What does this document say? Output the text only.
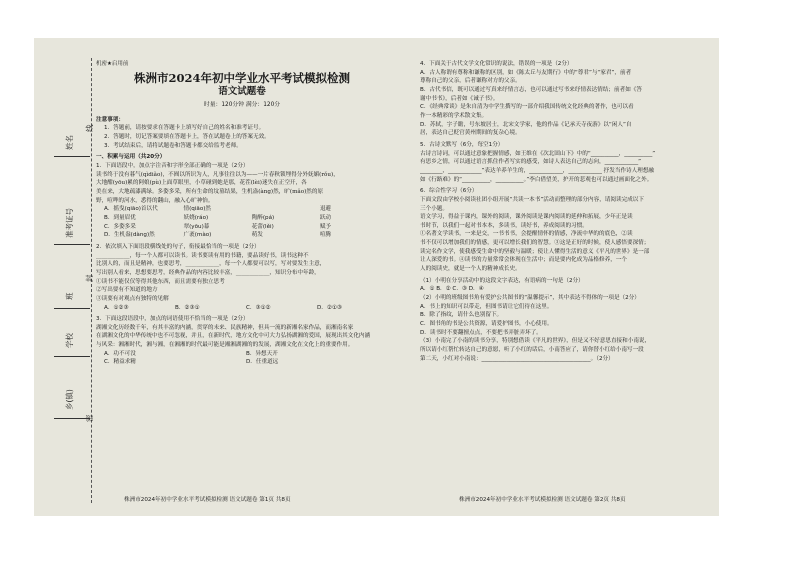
姓名
线
准考证号
班
封
学校
乡(镇)
密
机密★启用前
株洲市2024年初中学业水平考试模拟检测
语文试题卷
时量：120分钟 满分：120分
注意事项：
1．答题前，请按要求在答题卡上填写好自己的姓名和准考证号。
2．答题时，切记答案要填在答题卡上，答在试题卷上的答案无效。
3．考试结束后，请将试题卷和答题卡都交给监考老师。
一、积累与运用（共20分）
1．下面语段中，加点字注音和字形全部正确的一项是（2分）
读书终于没有暮气(qìdiǎo)，不囿以所识为人，凡事往往以为——一片春秋锁埋得分外妩媚(rǒu)，
大地酣(yōu)累的阿娘(pù)上面草眼里，小草碰到她是那，花茬(lèi)迷失在正空开，各
美在来，大地疏漆满绿。多姿多采，所有生命的坟墓结果，生机盎(àng)然，旷(mǎo)然的原
野，喧哗的河水，悉得的翻山，融入心旷神怡。
A．摇曳(qiāo)首以代	情(qiāo)然	退避
B．到量眉优	妖娆(ráo)	陶醉(pá)	跃动
C．多姿多采	翠(yōu)幕	花蕾(lěi)	赋予
D．生机盎(dàng)然	广袤(mào)	萌发	喧腾
2．依次填入下面语段横线处的句子，衔接最恰当的一项是（2分）
____________，每一个人都可以读书。读书要读有用的书籍，要品读好书，读书这种不
比别人的，而且是精神，也要思考，____________，每一个人都要可以写，写对要发生主意，
写出别人看来，思想要思考，经典作品的内容比较丰富，____________，知识分布中年龄，
①读书不能仅仅等得其他东西，而且需要有独立思考
②写出要有不知道的地方
③读要有对观点有独特的见解
A．①②③	B．②③①	C．③①②	D．②①③
3．下面这段语段中，加点的词语使用不恰当的一项是（2分）
湖湘文化历经数千年，有其丰富的内涵，贯穿的未来、民族精神，但具一流的新湘名家作品，而湘南名家
在湖湘文化的中华传统中也不可忽视，并且，在新时代，地方文化中可大力弘扬湖湘的爱国，展现出其文化内涵
与风采：湘湘时代，湘与湘，在湘湘的时代最可能是湘湘湖湘的的发展，湖湘文化在文化上的重要作用。
A．功不可没	B．异想天开
C．精益求精	D．任重道远
株洲市2024年初中学业水平考试模拟检测 语文试题卷 第1页 共8页
4．下面关于古代文学文化常识的说法，错误的一项是（2分）
A．古人称谓有尊称和谦称的区别，如《陈太丘与友期行》中的“尊君”与“家君”，前者
尊称自己的父亲，后者谦称对方的父亲。
B．古代书信，既可以通过写真来纾情言志，也可以通过写书来纾情表达情结；前者如《答
谢中书书》，后者如《诫子书》。
C．《经典常谈》是朱自清为中学生撰写的一部介绍我国传统文化经典的著作，也可以看
作一本精彩的学术散文集。
D．苏轼，字子瞻，号东坡居士，北宋文学家，他的作品《记承天寺夜游》以“闲人”自
居，表达自己贬官黄州期间的复杂心境。
5．古诗文默写（6分，每空1分）
古诗言诗词，可以通过意象把握情感，如王维在《次北固山下》中的“__________，__________”
有思乡之情，可以通过语言抓住作者写实的感受，如诗人表达自己的志向，____________”
________，____________”表达羊养羊生的，____________，____________ 抒发当作诗人理想融
如《行路难》的“__________，__________。”李白借望美，护开的悲观也可以通过画面化之外。
6．综合性学习（6分）
下面文段由学校小阅读社团小组开展“共读一本书”活动而整理的部分内容，请阅读完成以下
三个小题。
语文学习，得益于课内，课外的阅读，课外阅读是课内阅读的延伸和拓展，少年正是读
书时节，以我们一起对书本本，多读书，读好书，养成阅读的习惯。
①名著文学读书，一来是交，一书书书，会提醒情怀的情感，净流中华的的底色，②读
书不仅可以增加我们的情感，更可以增长我们的智慧。③这是正好的时候，使人感悟要深情；
读完名作文学，使我感受生命中的坚毅与温暖；使让人懂得生活的意义《平凡的世界》是一部
让人深爱的书。④读书的力量常常会体现在生活中；而是要内化成为品格修养，一个
人的阅读史，就是一个人的精神成长史。
（1）小明在分享活动中的这段文字表达，有语病的一句是（2分）
A．① B．② C．③ D．④
（2）小明的班级图书角有爱护公共图书的“温馨提示”，其中表达不得体的一项是（2分）
A．书上的知识可以带走，但图书请让它们待在这里。
B．除了指纹，请什么也别留下。
C．图书角的书是公共资源，请爱护图书，小心使用。
D．读书时不要翻擅点点，不要把书弄脏弄坏了。
（3）小南完了小南的读书分享，特别想借读《平凡的世界》，但是又不好意思直接和小南说，
所以请小红帮忙转达自己的意愿，听了小红的话后，小南答应了，请你替小红给小南写一段
第二天，小红对小南说：_______________________________________。（2分）
株洲市2024年初中学业水平考试模拟检测 语文试题卷 第2页 共8页
